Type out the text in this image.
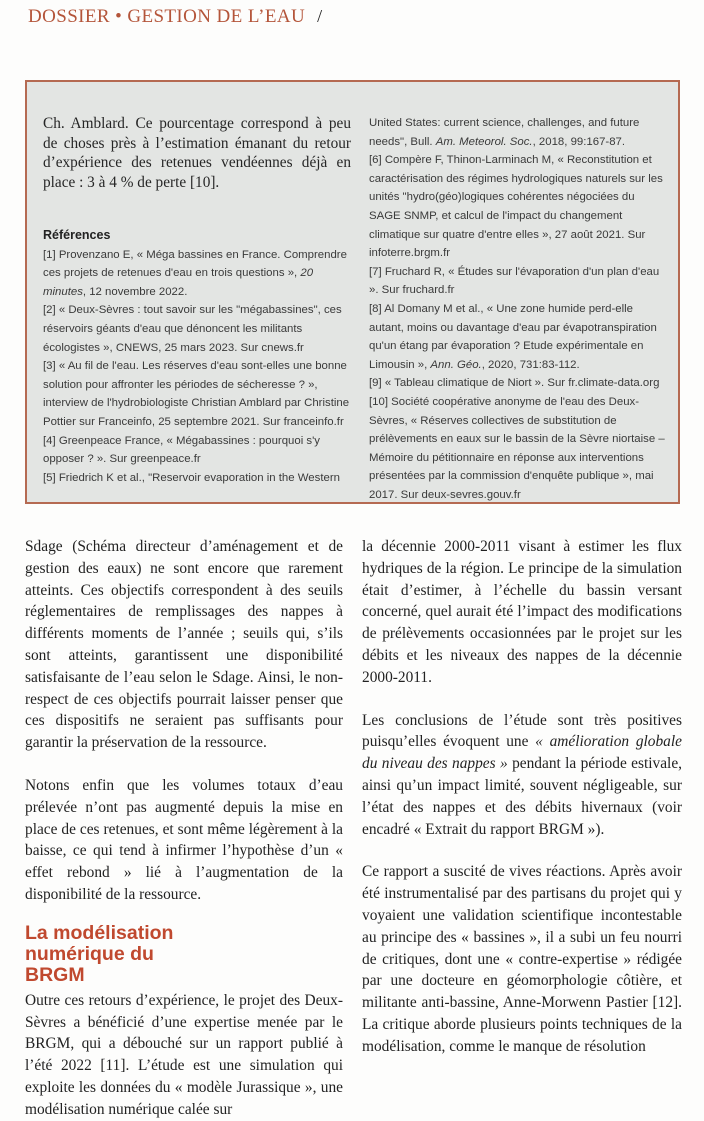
DOSSIER • GESTION DE L’EAU /

Ch. Amblard. Ce pourcentage correspond à peu de choses près à l’estimation émanant du retour d’expérience des retenues vendéennes déjà en place : 3 à 4 % de perte [10].

Références

[1] Provenzano E, « Méga bassines en France. Comprendre ces projets de retenues d'eau en trois questions », 20 minutes, 12 novembre 2022.

[2] « Deux-Sèvres : tout savoir sur les "mégabassines", ces réservoirs géants d'eau que dénoncent les militants écologistes », CNEWS, 25 mars 2023. Sur cnews.fr

[3] « Au fil de l'eau. Les réserves d'eau sont-elles une bonne solution pour affronter les périodes de sécheresse ? », interview de l'hydrobiologiste Christian Amblard par Christine Pottier sur Franceinfo, 25 septembre 2021. Sur franceinfo.fr

[4] Greenpeace France, « Mégabassines : pourquoi s'y opposer ? ». Sur greenpeace.fr

[5] Friedrich K et al., "Reservoir evaporation in the Western

United States: current science, challenges, and future needs", Bull. Am. Meteorol. Soc., 2018, 99:167-87.

[6] Compère F, Thinon-Larminach M, « Reconstitution et caractérisation des régimes hydrologiques naturels sur les unités "hydro(géo)logiques cohérentes négociées du SAGE SNMP, et calcul de l'impact du changement climatique sur quatre d'entre elles », 27 août 2021. Sur infoterre.brgm.fr

[7] Fruchard R, « Études sur l'évaporation d'un plan d'eau ». Sur fruchard.fr

[8] Al Domany M et al., « Une zone humide perd-elle autant, moins ou davantage d'eau par évapotranspiration qu'un étang par évaporation ? Etude expérimentale en Limousin », Ann. Géo., 2020, 731:83-112.

[9] « Tableau climatique de Niort ». Sur fr.climate-data.org

[10] Société coopérative anonyme de l'eau des Deux-Sèvres, « Réserves collectives de substitution de prélèvements en eaux sur le bassin de la Sèvre niortaise – Mémoire du pétitionnaire en réponse aux interventions présentées par la commission d'enquête publique », mai 2017. Sur deux-sevres.gouv.fr

Sdage (Schéma directeur d’aménagement et de gestion des eaux) ne sont encore que rarement atteints. Ces objectifs correspondent à des seuils réglementaires de remplissages des nappes à différents moments de l’année ; seuils qui, s’ils sont atteints, garantissent une disponibilité satisfaisante de l’eau selon le Sdage. Ainsi, le non-respect de ces objectifs pourrait laisser penser que ces dispositifs ne seraient pas suffisants pour garantir la préservation de la ressource.

Notons enfin que les volumes totaux d’eau prélevée n’ont pas augmenté depuis la mise en place de ces retenues, et sont même légèrement à la baisse, ce qui tend à infirmer l’hypothèse d’un « effet rebond » lié à l’augmentation de la disponibilité de la ressource.

La modélisation numérique du BRGM

Outre ces retours d’expérience, le projet des Deux-Sèvres a bénéficié d’une expertise menée par le BRGM, qui a débouché sur un rapport publié à l’été 2022 [11]. L’étude est une simulation qui exploite les données du « modèle Jurassique », une modélisation numérique calée sur

la décennie 2000-2011 visant à estimer les flux hydriques de la région. Le principe de la simulation était d’estimer, à l’échelle du bassin versant concerné, quel aurait été l’impact des modifications de prélèvements occasionnées par le projet sur les débits et les niveaux des nappes de la décennie 2000-2011.

Les conclusions de l’étude sont très positives puisqu’elles évoquent une « amélioration globale du niveau des nappes » pendant la période estivale, ainsi qu’un impact limité, souvent négligeable, sur l’état des nappes et des débits hivernaux (voir encadré « Extrait du rapport BRGM »).

Ce rapport a suscité de vives réactions. Après avoir été instrumentalisé par des partisans du projet qui y voyaient une validation scientifique incontestable au principe des « bassines », il a subi un feu nourri de critiques, dont une « contre-expertise » rédigée par une docteure en géomorphologie côtière, et militante anti-bassine, Anne-Morwenn Pastier [12]. La critique aborde plusieurs points techniques de la modélisation, comme le manque de résolution
